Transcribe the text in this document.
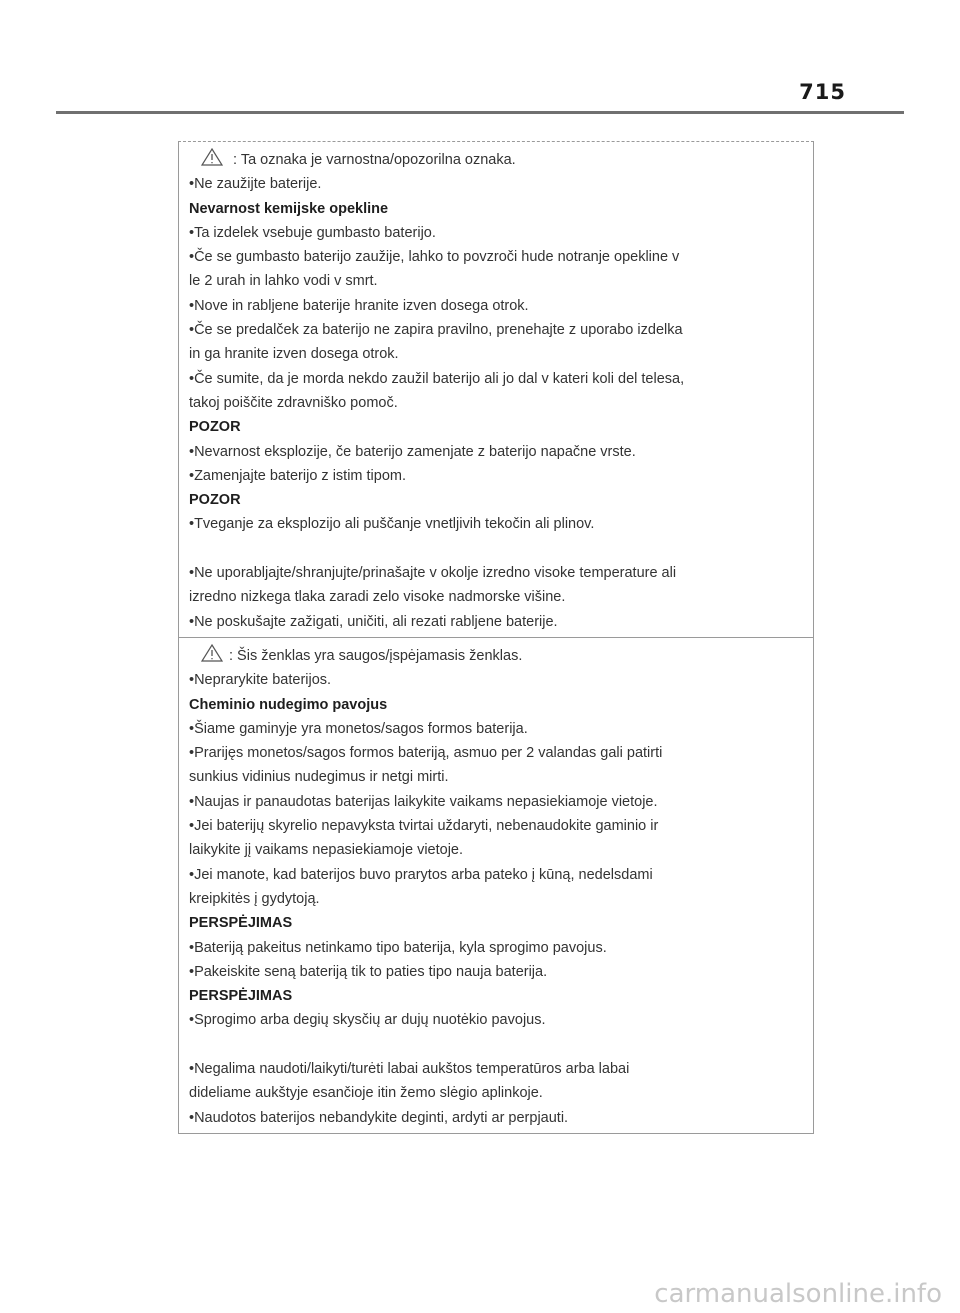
715
: Ta oznaka je varnostna/opozorilna oznaka.
•Ne zaužijte baterije.
Nevarnost kemijske opekline
•Ta izdelek vsebuje gumbasto baterijo.
•Če se gumbasto baterijo zaužije, lahko to povzroči hude notranje opekline v
le 2 urah in lahko vodi v smrt.
•Nove in rabljene baterije hranite izven dosega otrok.
•Če se predalček za baterijo ne zapira pravilno, prenehajte z uporabo izdelka
in ga hranite izven dosega otrok.
•Če sumite, da je morda nekdo zaužil baterijo ali jo dal v kateri koli del telesa,
takoj poiščite zdravniško pomoč.
POZOR
•Nevarnost eksplozije, če baterijo zamenjate z baterijo napačne vrste.
•Zamenjajte baterijo z istim tipom.
POZOR
•Tveganje za eksplozijo ali puščanje vnetljivih tekočin ali plinov.
•Ne uporabljajte/shranjujte/prinašajte v okolje izredno visoke temperature ali
izredno nizkega tlaka zaradi zelo visoke nadmorske višine.
•Ne poskušajte zažigati, uničiti, ali rezati rabljene baterije.
: Šis ženklas yra saugos/įspėjamasis ženklas.
•Neprarykite baterijos.
Cheminio nudegimo pavojus
•Šiame gaminyje yra monetos/sagos formos baterija.
•Prarijęs monetos/sagos formos bateriją, asmuo per 2 valandas gali patirti
sunkius vidinius nudegimus ir netgi mirti.
•Naujas ir panaudotas baterijas laikykite vaikams nepasiekiamoje vietoje.
•Jei baterijų skyrelio nepavyksta tvirtai uždaryti, nebenaudokite gaminio ir
laikykite jį vaikams nepasiekiamoje vietoje.
•Jei manote, kad baterijos buvo prarytos arba pateko į kūną, nedelsdami
kreipkitės į gydytoją.
PERSPĖJIMAS
•Bateriją pakeitus netinkamo tipo baterija, kyla sprogimo pavojus.
•Pakeiskite seną bateriją tik to paties tipo nauja baterija.
PERSPĖJIMAS
•Sprogimo arba degių skysčių ar dujų nuotėkio pavojus.
•Negalima naudoti/laikyti/turėti labai aukštos temperatūros arba labai
dideliame aukštyje esančioje itin žemo slėgio aplinkoje.
•Naudotos baterijos nebandykite deginti, ardyti ar perpjauti.
carmanualsonline.info
